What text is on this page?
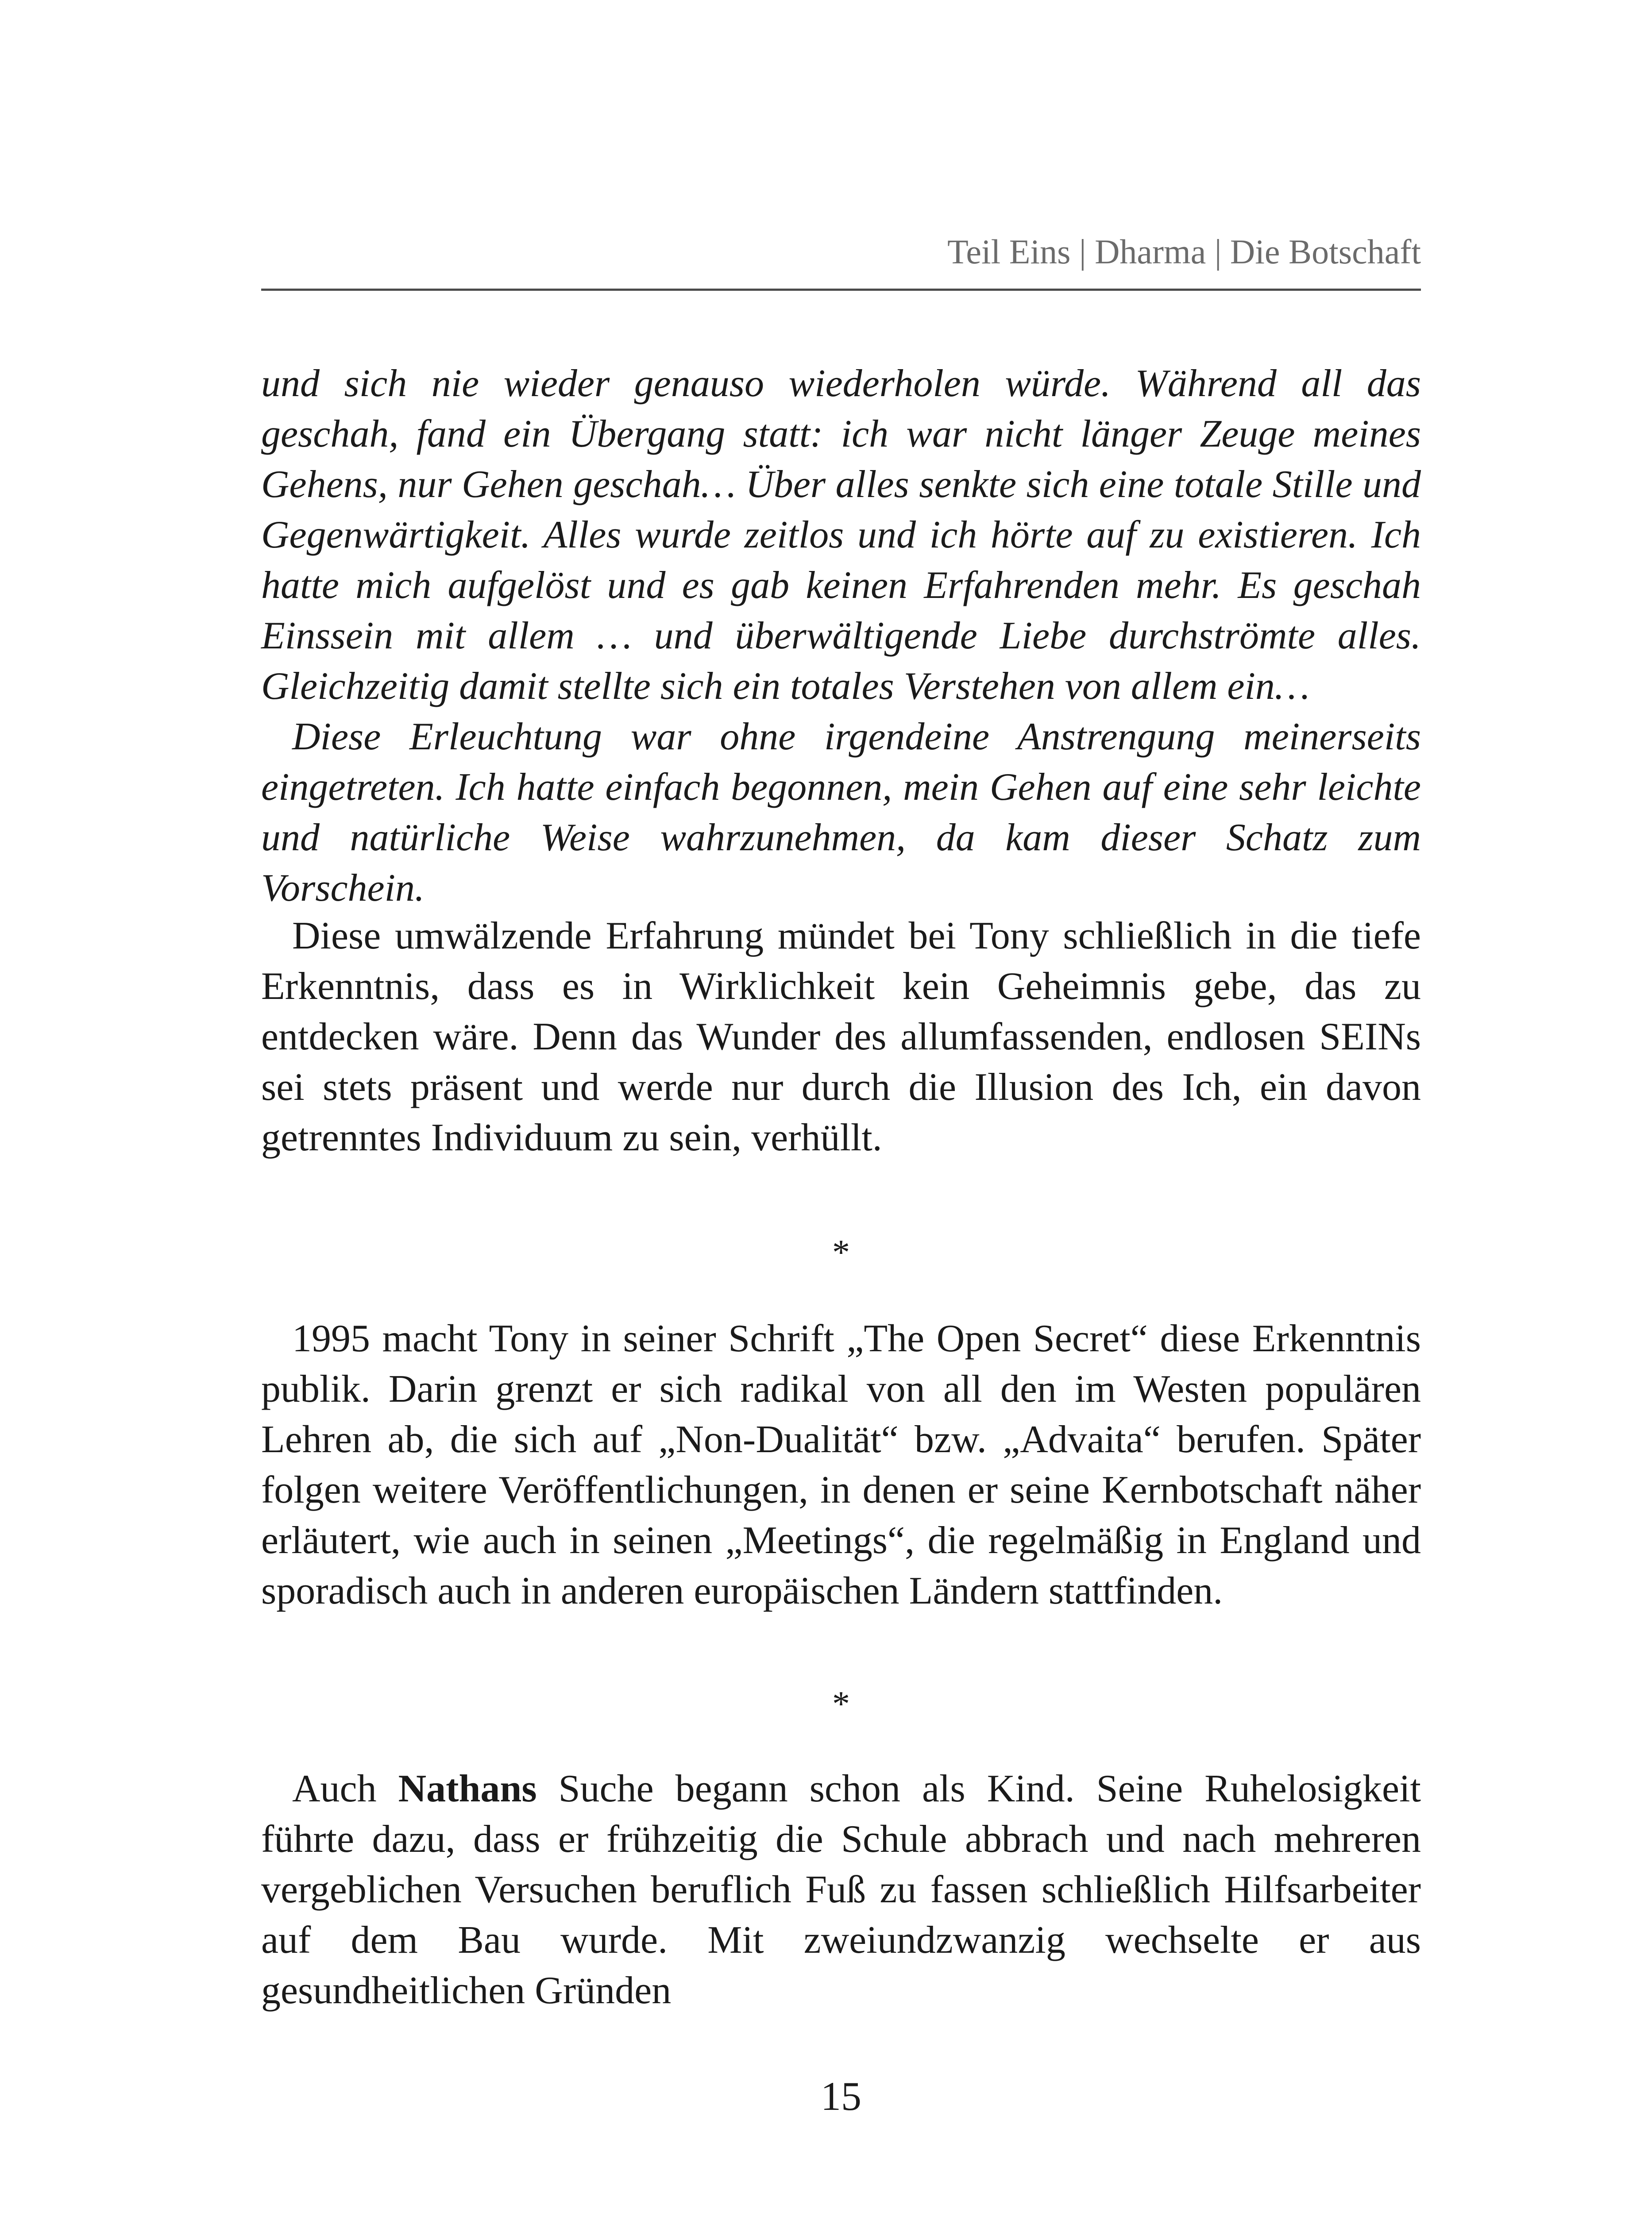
Teil Eins | Dharma | Die Botschaft

und sich nie wieder genauso wiederholen würde. Während all das geschah, fand ein Übergang statt: ich war nicht länger Zeuge meines Gehens, nur Gehen geschah… Über alles senkte sich eine totale Stille und Gegenwärtigkeit. Alles wurde zeitlos und ich hörte auf zu existieren. Ich hatte mich aufgelöst und es gab keinen Erfahrenden mehr. Es geschah Einssein mit allem … und überwältigende Liebe durchströmte alles. Gleichzeitig damit stellte sich ein totales Verstehen von allem ein…

Diese Erleuchtung war ohne irgendeine Anstrengung meinerseits eingetreten. Ich hatte einfach begonnen, mein Gehen auf eine sehr leichte und natürliche Weise wahrzunehmen, da kam dieser Schatz zum Vorschein.

Diese umwälzende Erfahrung mündet bei Tony schließlich in die tiefe Erkenntnis, dass es in Wirklichkeit kein Geheimnis gebe, das zu entdecken wäre. Denn das Wunder des allumfassenden, endlosen SEINs sei stets präsent und werde nur durch die Illusion des Ich, ein davon getrenntes Individuum zu sein, verhüllt.

*

1995 macht Tony in seiner Schrift „The Open Secret“ diese Erkenntnis publik. Darin grenzt er sich radikal von all den im Westen populären Lehren ab, die sich auf „Non-Dualität“ bzw. „Advaita“ berufen. Später folgen weitere Veröffentlichungen, in denen er seine Kernbotschaft näher erläutert, wie auch in seinen „Meetings“, die regelmäßig in England und sporadisch auch in anderen europäischen Ländern stattfinden.

*

Auch Nathans Suche begann schon als Kind. Seine Ruhelosigkeit führte dazu, dass er frühzeitig die Schule abbrach und nach mehreren vergeblichen Versuchen beruflich Fuß zu fassen schließlich Hilfsarbeiter auf dem Bau wurde. Mit zweiundzwanzig wechselte er aus gesundheitlichen Gründen

15
